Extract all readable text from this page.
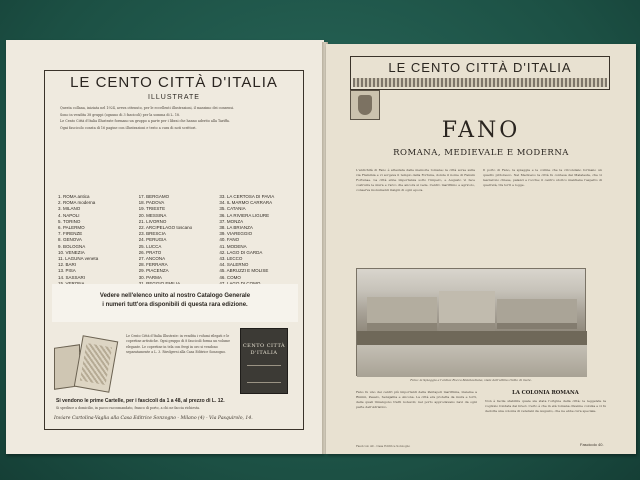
LE CENTO CITTÀ D'ITALIA
ILLUSTRATE

Questa collana, iniziata nel 1924, aveva ottenuto, per le eccellenti illustrazioni, il massimo dei consensi.

Sono in vendita 38 gruppi (ognuno di 3 fascicoli) per la somma di L. 18.

Le Cento Città d'Italia Illustrate formano un gruppo a parte per i librai che hanno aderito alla Tariffa.

Ogni fascicolo consta di 16 pagine con illustrazioni e testo a cura di noti scrittori.

1. ROMA antica	17. BERGAMO	33. LA CERTOSA DI PAVIA
2. ROMA moderna	18. PADOVA	34. IL MARMO CARRARA
3. MILANO	19. TRIESTE	35. CATANIA
4. NAPOLI	20. MESSINA	36. LA RIVIERA LIGURE
5. TORINO	21. LIVORNO	37. MONZA
6. PALERMO	22. ARCIPELAGO toscano	38. LA BRIANZA
7. FIRENZE	23. BRESCIA	39. VIAREGGIO
8. GENOVA	24. PERUGIA	40. FANO
9. BOLOGNA	25. LUCCA	41. MODENA
10. VENEZIA	26. PRATO	42. LAGO DI GARDA
11. LAGUNA veneta	27. ANCONA	43. LECCO
12. BARI	28. FERRARA	44. SALERNO
13. PISA	29. PIACENZA	45. ABRUZZI E MOLISE
14. SASSARI	30. PARMA	46. COMO
Vedere nell'elenco unito al nostro Catalogo Generale
i numeri tutt'ora disponibili di questa rara edizione.
Le Cento Città d'Italia Illustrate: in vendita i volumi rilegati e le copertine artistiche. Ogni gruppo di 8 fascicoli forma un volume elegante. Le copertine in tela con fregi in oro si vendono separatamente a L. 3. Rivolgersi alla Casa Editrice Sonzogno.
CENTO CITTÀ
D'ITALIA
Si vendono le prime Cartelle, per i fascicoli da 1 a 48, al prezzo di L. 12.
Si spedisce a domicilio, in pacco raccomandato, franco di porto, a chi ne faccia richiesta.
Inviare Cartolina-Vaglia alla Casa Editrice Sonzogno - Milano (4) - Via Pasquirolo, 14.
LE CENTO CITTÀ D'ITALIA
FANO
ROMANA, MEDIEVALE E MODERNA
L'antichità di Fano è attestata dalle memorie romane; la città sorse sulla via Flaminia e vi sorgeva il tempio della Fortuna, donde il nome di Fanum Fortunae. La città ebbe importanza sotto l'impero, e Augusto vi fece costruire le mura e l'arco che ancora si vede. Centro marittimo e agricolo, conserva monumenti insigni di ogni epoca.
Il porto di Fano, la spiaggia e le colline che la circondano formano un quadro pittoresco. Nel Medioevo la città fu contesa dai Malatesta, che vi lasciarono chiese, palazzi e rocche; il centro storico mantiene l'aspetto di quell'età, tra torri e logge.
Fano: la Spiaggia e l'antica Rocca Malatestiana, vista dall'ultimo tratto di mare.
Fano fu uno dei centri più importanti della Pentapoli marittima, insieme a Rimini, Pesaro, Senigallia e Ancona. La città era protetta da mura e torri, delle quali rimangono tratti notevoli; nel porto approdavano navi da ogni parte dell'Adriatico.
LA COLONIA ROMANA
Non è facile stabilire quale sia stata l'origine della città; le leggende la vogliono fondata dai Greci. Certo è che in età romana divenne colonia e vi fu dedotta una colonia di veterani da Augusto, che ne ebbe cura speciale.
Fascicolo 40 - Casa Editrice Sonzogno	Fascicolo 40.
